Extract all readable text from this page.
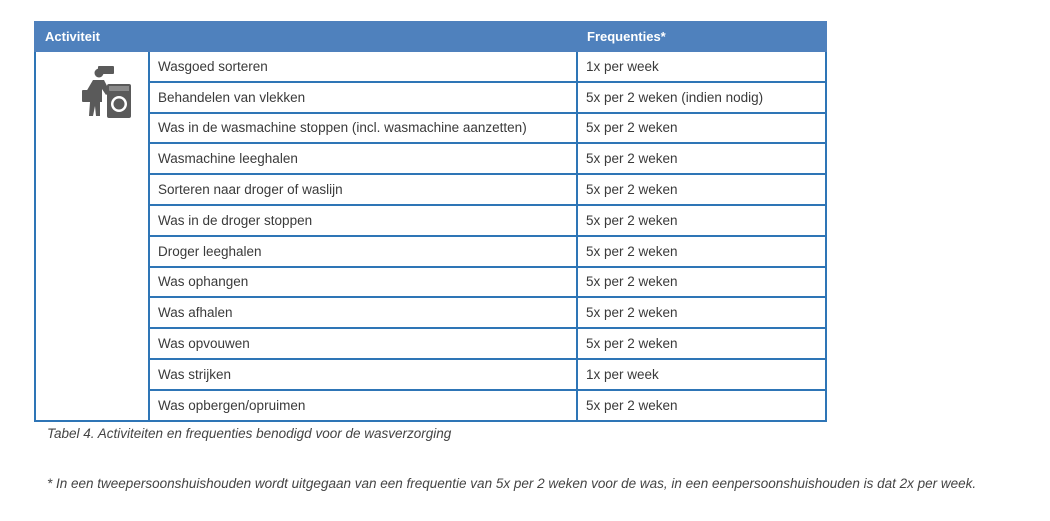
Activiteit		Frequenties*
	Wasgoed sorteren	1x per week
	Behandelen van vlekken	5x per 2 weken (indien nodig)
	Was in de wasmachine stoppen (incl. wasmachine aanzetten)	5x per 2 weken
	Wasmachine leeghalen	5x per 2 weken
	Sorteren naar droger of waslijn	5x per 2 weken
	Was in de droger stoppen	5x per 2 weken
	Droger leeghalen	5x per 2 weken
	Was ophangen	5x per 2 weken
	Was afhalen	5x per 2 weken
	Was opvouwen	5x per 2 weken
	Was strijken	1x per week
	Was opbergen/opruimen	5x per 2 weken
Tabel 4. Activiteiten en frequenties benodigd voor de wasverzorging
* In een tweepersoonshuishouden wordt uitgegaan van een frequentie van 5x per 2 weken voor de was, in een eenpersoonshuishouden is dat 2x per week.
